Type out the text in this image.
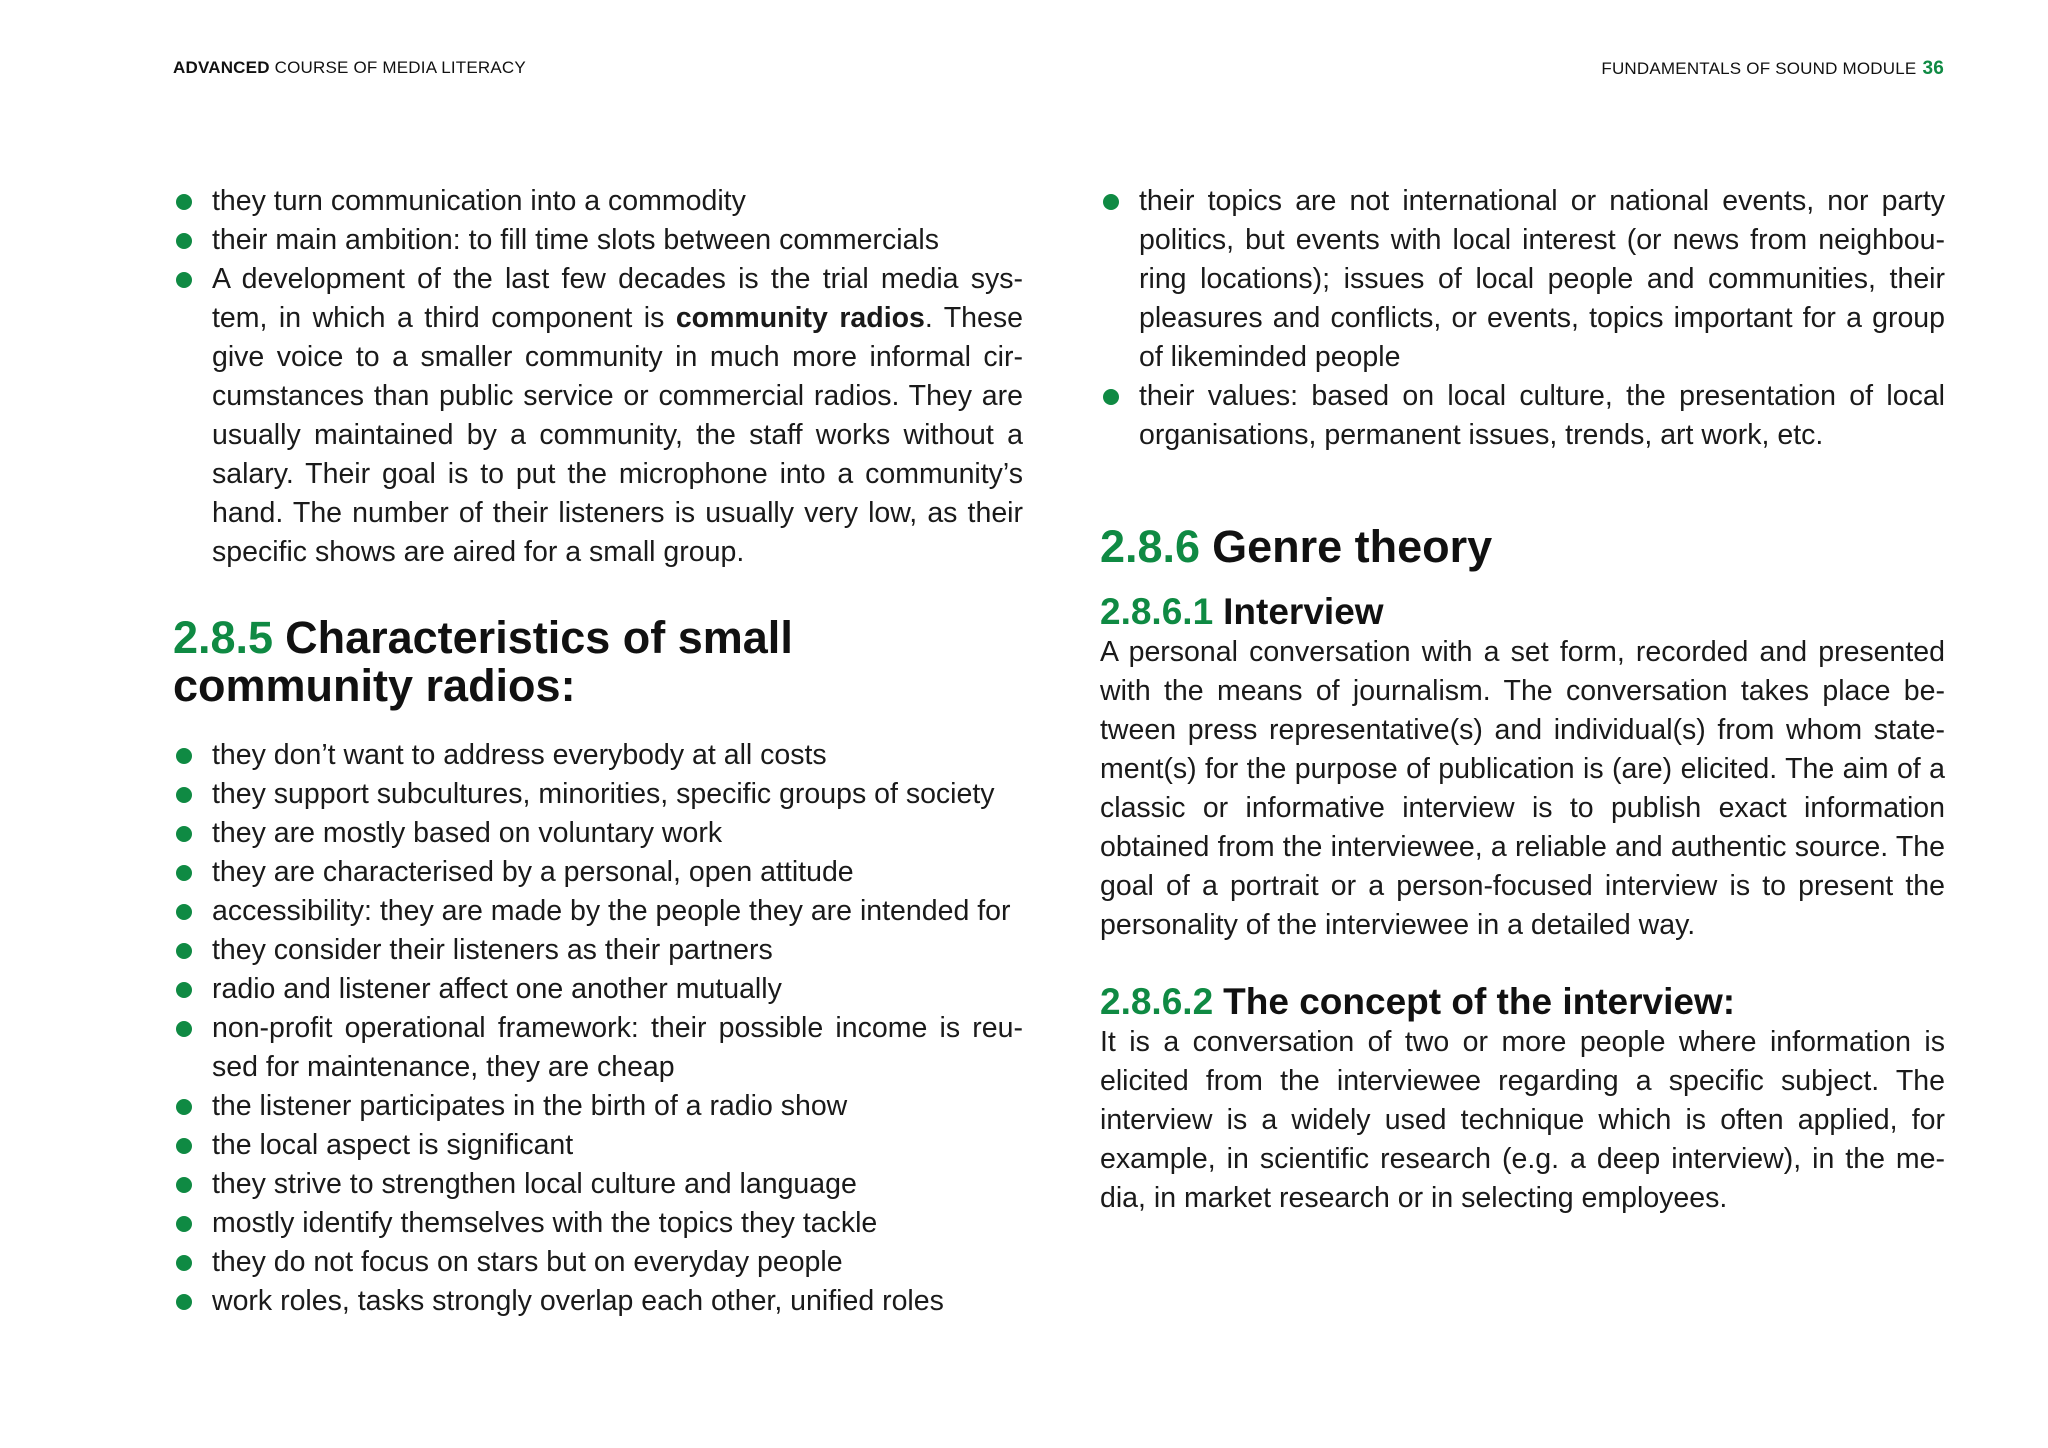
ADVANCED COURSE OF MEDIA LITERACY	FUNDAMENTALS OF SOUND MODULE 36
they turn communication into a commodity
their main ambition: to fill time slots between commercials
A development of the last few decades is the trial media sys-tem, in which a third component is community radios. These give voice to a smaller community in much more informal cir-cumstances than public service or commercial radios. They are usually maintained by a community, the staff works without a salary. Their goal is to put the microphone into a community’s hand. The number of their listeners is usually very low, as their specific shows are aired for a small group.
2.8.5 Characteristics of small community radios:
they don’t want to address everybody at all costs
they support subcultures, minorities, specific groups of society
they are mostly based on voluntary work
they are characterised by a personal, open attitude
accessibility: they are made by the people they are intended for
they consider their listeners as their partners
radio and listener affect one another mutually
non-profit operational framework: their possible income is reu-sed for maintenance, they are cheap
the listener participates in the birth of a radio show
the local aspect is significant
they strive to strengthen local culture and language
mostly identify themselves with the topics they tackle
they do not focus on stars but on everyday people
work roles, tasks strongly overlap each other, unified roles
their topics are not international or national events, nor party politics, but events with local interest (or news from neighbou-ring locations); issues of local people and communities, their pleasures and conflicts, or events, topics important for a group of likeminded people
their values: based on local culture, the presentation of local organisations, permanent issues, trends, art work, etc.
2.8.6 Genre theory
2.8.6.1 Interview

A personal conversation with a set form, recorded and presented with the means of journalism. The conversation takes place be-tween press representative(s) and individual(s) from whom state-ment(s) for the purpose of publication is (are) elicited. The aim of a classic or informative interview is to publish exact information obtained from the interviewee, a reliable and authentic source. The goal of a portrait or a person-focused interview is to present the personality of the interviewee in a detailed way.

2.8.6.2 The concept of the interview:

It is a conversation of two or more people where information is elicited from the interviewee regarding a specific subject. The interview is a widely used technique which is often applied, for example, in scientific research (e.g. a deep interview), in the me-dia, in market research or in selecting employees.
